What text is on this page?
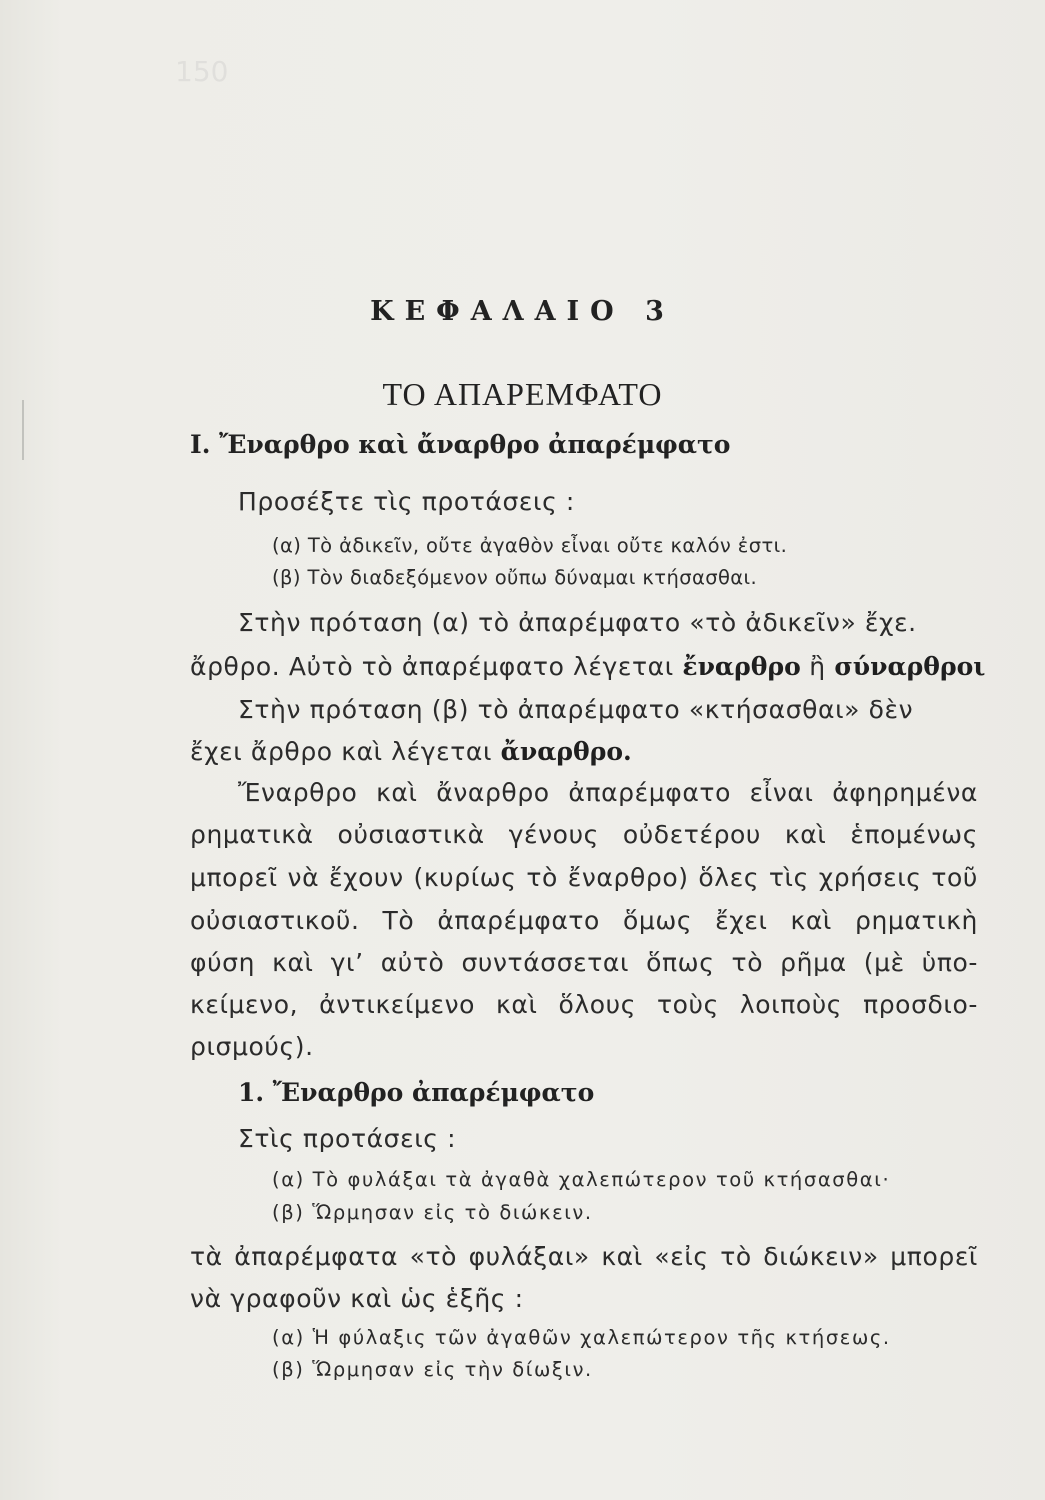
150
ΚΕΦΑΛΑΙΟ 3
ΤΟ ΑΠΑΡΕΜΦΑΤΟ
Ι. Ἔναρθρο καὶ ἄναρθρο ἀπαρέμφατο
Προσέξτε τὶς προτάσεις :
(α) Τὸ ἀδικεῖν, οὔτε ἀγαθὸν εἶναι οὔτε καλόν ἐστι.
(β) Τὸν διαδεξόμενον οὔπω δύναμαι κτήσασθαι.
Στὴν πρόταση (α) τὸ ἀπαρέμφατο «τὸ ἀδικεῖν» ἔχε.
ἄρθρο. Αὐτὸ τὸ ἀπαρέμφατο λέγεται ἔναρθρο ἢ σύναρθροι
Στὴν πρόταση (β) τὸ ἀπαρέμφατο «κτήσασθαι» δὲν
ἔχει ἄρθρο καὶ λέγεται ἄναρθρο.
Ἔναρθρο καὶ ἄναρθρο ἀπαρέμφατο εἶναι ἀφηρημένα
ρηματικὰ οὐσιαστικὰ γένους οὐδετέρου καὶ ἑπομένως
μπορεῖ νὰ ἔχουν (κυρίως τὸ ἔναρθρο) ὅλες τὶς χρήσεις τοῦ
οὐσιαστικοῦ. Τὸ ἀπαρέμφατο ὅμως ἔχει καὶ ρηματικὴ
φύση καὶ γι’ αὐτὸ συντάσσεται ὅπως τὸ ρῆμα (μὲ ὑπο-
κείμενο, ἀντικείμενο καὶ ὅλους τοὺς λοιποὺς προσδιο-
ρισμούς).
1. Ἔναρθρο ἀπαρέμφατο
Στὶς προτάσεις :
(α) Τὸ φυλάξαι τὰ ἀγαθὰ χαλεπώτερον τοῦ κτήσασθαι·
(β) Ὥρμησαν εἰς τὸ διώκειν.
τὰ ἀπαρέμφατα «τὸ φυλάξαι» καὶ «εἰς τὸ διώκειν» μπορεῖ
νὰ γραφοῦν καὶ ὡς ἑξῆς :
(α) Ἡ φύλαξις τῶν ἀγαθῶν χαλεπώτερον τῆς κτήσεως.
(β) Ὥρμησαν εἰς τὴν δίωξιν.
